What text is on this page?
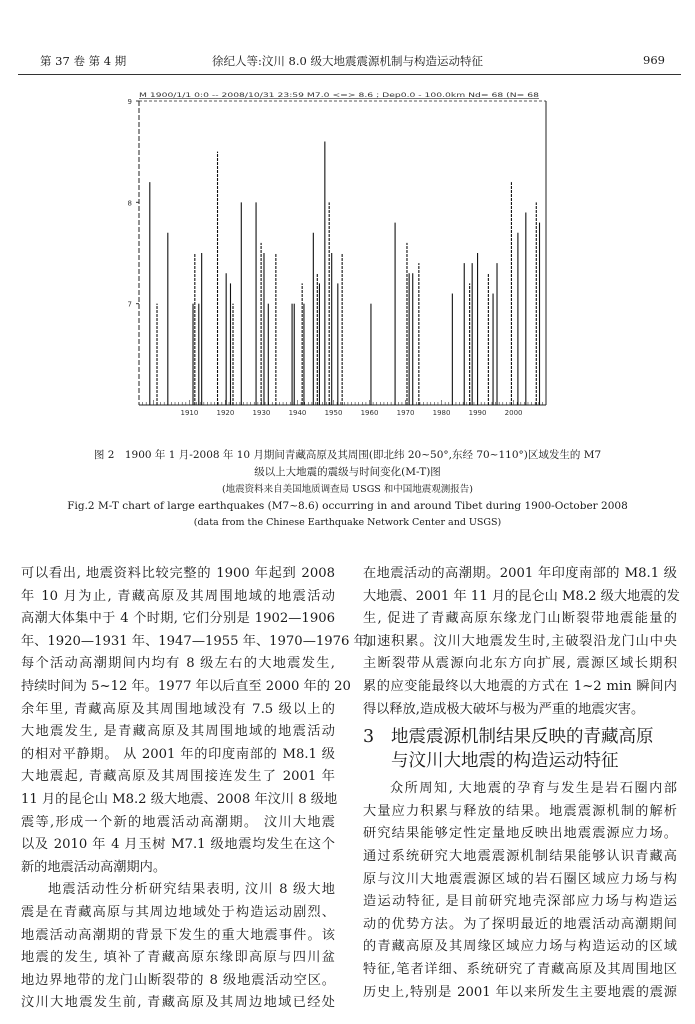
第 37 卷 第 4 期	徐纪人等:汶川 8.0 级大地震震源机制与构造运动特征	969
M 1900/1/1 0:0 -- 2008/10/31 23:59 M7.0 <=> 8.6 ; Dep0.0 - 100.0km Nd= 68 (N= 68
9
8
7
1910	1920	1930	1940	1950	1960	1970	1980	1990	2000
图 2　1900 年 1 月-2008 年 10 月期间青藏高原及其周围(即北纬 20~50°,东经 70~110°)区域发生的 M7
级以上大地震的震级与时间变化(M-T)图
(地震资料来自美国地质调查局 USGS 和中国地震观测报告)
Fig.2 M-T chart of large earthquakes (M7~8.6) occurring in and around Tibet during 1900-October 2008
(data from the Chinese Earthquake Network Center and USGS)
可以看出, 地震资料比较完整的 1900 年起到 2008
年 10 月为止, 青藏高原及其周围地域的地震活动
高潮大体集中于 4 个时期, 它们分别是 1902—1906
年、1920—1931 年、1947—1955 年、1970—1976 年。
每个活动高潮期间内均有 8 级左右的大地震发生,
持续时间为 5~12 年。1977 年以后直至 2000 年的 20
余年里, 青藏高原及其周围地域没有 7.5 级以上的
大地震发生, 是青藏高原及其周围地域的地震活动
的相对平静期。 从 2001 年的印度南部的 M8.1 级
大地震起, 青藏高原及其周围接连发生了 2001 年
11 月的昆仑山 M8.2 级大地震、2008 年汶川 8 级地
震等,形成一个新的地震活动高潮期。 汶川大地震
以及 2010 年 4 月玉树 M7.1 级地震均发生在这个
新的地震活动高潮期内。
地震活动性分析研究结果表明, 汶川 8 级大地
震是在青藏高原与其周边地域处于构造运动剧烈、
地震活动高潮期的背景下发生的重大地震事件。该
地震的发生, 填补了青藏高原东缘即高原与四川盆
地边界地带的龙门山断裂带的 8 级地震活动空区。
汶川大地震发生前, 青藏高原及其周边地域已经处
在地震活动的高潮期。2001 年印度南部的 M8.1 级
大地震、2001 年 11 月的昆仑山 M8.2 级大地震的发
生, 促进了青藏高原东缘龙门山断裂带地震能量的
加速积累。汶川大地震发生时,主破裂沿龙门山中央
主断裂带从震源向北东方向扩展, 震源区域长期积
累的应变能最终以大地震的方式在 1~2 min 瞬间内
得以释放,造成极大破坏与极为严重的地震灾害。
3 地震震源机制结果反映的青藏高原
与汶川大地震的构造运动特征
众所周知, 大地震的孕育与发生是岩石圈内部
大量应力积累与释放的结果。地震震源机制的解析
研究结果能够定性定量地反映出地震震源应力场。
通过系统研究大地震震源机制结果能够认识青藏高
原与汶川大地震震源区域的岩石圈区域应力场与构
造运动特征, 是目前研究地壳深部应力场与构造运
动的优势方法。为了探明最近的地震活动高潮期间
的青藏高原及其周缘区域应力场与构造运动的区域
特征,笔者详细、系统研究了青藏高原及其周围地区
历史上,特别是 2001 年以来所发生主要地震的震源
